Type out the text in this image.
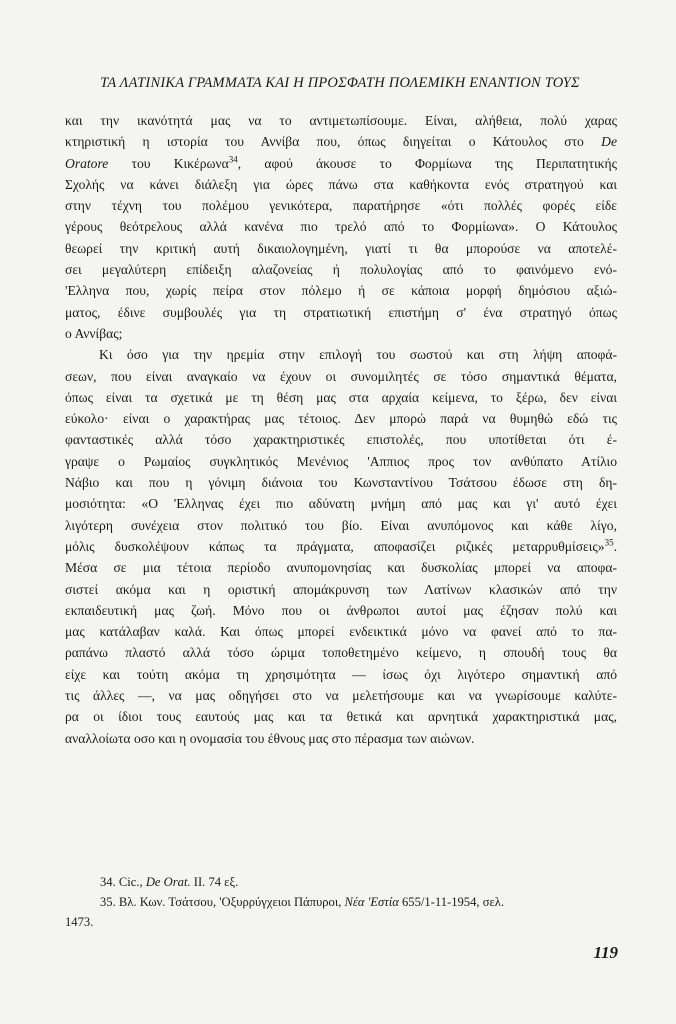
ΤΑ ΛΑΤΙΝΙΚΑ ΓΡΑΜΜΑΤΑ ΚΑΙ Η ΠΡΟΣΦΑΤΗ ΠΟΛΕΜΙΚΗ ΕΝΑΝΤΙΟΝ ΤΟΥΣ
και την ικανότητά μας να το αντιμετωπίσουμε. Είναι, αλήθεια, πολύ χαρας
κτηριστική η ιστορία του Αννίβα που, όπως διηγείται ο Κάτουλος στο De
Oratore του Κικέρωνα$^{34}$, αφού άκουσε το Φορμίωνα της Περιπατητικής
Σχολής να κάνει διάλεξη για ώρες πάνω στα καθήκοντα ενός στρατηγού και
στην τέχνη του πολέμου γενικότερα, παρατήρησε «ότι πολλές φορές είδε
γέρους θεότρελους αλλά κανένα πιο τρελό από το Φορμίωνα». Ο Κάτουλος
θεωρεί την κριτική αυτή δικαιολογημένη, γιατί τι θα μπορούσε να αποτελέ-
σει μεγαλύτερη επίδειξη αλαζονείας ή πολυλογίας από το φαινόμενο ενό-
'Ελληνα που, χωρίς πείρα στον πόλεμο ή σε κάποια μορφή δημόσιου αξιώ-
ματος, έδινε συμβουλές για τη στρατιωτική επιστήμη σ' ένα στρατηγό όπως
ο Αννίβας;
Κι όσο για την ηρεμία στην επιλογή του σωστού και στη λήψη αποφά-
σεων, που είναι αναγκαίο να έχουν οι συνομιλητές σε τόσο σημαντικά θέματα,
όπως είναι τα σχετικά με τη θέση μας στα αρχαία κείμενα, το ξέρω, δεν είναι
εύκολο· είναι ο χαρακτήρας μας τέτοιος. Δεν μπορώ παρά να θυμηθώ εδώ τις
φανταστικές αλλά τόσο χαρακτηριστικές επιστολές, που υποτίθεται ότι έ-
γραψε ο Ρωμαίος συγκλητικός Μενένιος 'Αππιος προς τον ανθύπατο Ατίλιο
Νάβιο και που η γόνιμη διάνοια του Κωνσταντίνου Τσάτσου έδωσε στη δη-
μοσιότητα: «Ο 'Ελληνας έχει πιο αδύνατη μνήμη από μας και γι' αυτό έχει
λιγότερη συνέχεια στον πολιτικό του βίο. Είναι ανυπόμονος και κάθε λίγο,
μόλις δυσκολέψουν κάπως τα πράγματα, αποφασίζει ριζικές μεταρρυθμίσεις»$^{35}$.
Μέσα σε μια τέτοια περίοδο ανυπομονησίας και δυσκολίας μπορεί να αποφα-
σιστεί ακόμα και η οριστική απομάκρυνση των Λατίνων κλασικών από την
εκπαιδευτική μας ζωή. Μόνο που οι άνθρωποι αυτοί μας έζησαν πολύ και
μας κατάλαβαν καλά. Και όπως μπορεί ενδεικτικά μόνο να φανεί από το πα-
ραπάνω πλαστό αλλά τόσο ώριμα τοποθετημένο κείμενο, η σπουδή τους θα
είχε και τούτη ακόμα τη χρησιμότητα — ίσως όχι λιγότερο σημαντική από
τις άλλες —, να μας οδηγήσει στο να μελετήσουμε και να γνωρίσουμε καλύτε-
ρα οι ίδιοι τους εαυτούς μας και τα θετικά και αρνητικά χαρακτηριστικά μας,
αναλλοίωτα οσο και η ονομασία του έθνους μας στο πέρασμα των αιώνων.
34. Cic., De Orat. II. 74 εξ.
35. Βλ. Κων. Τσάτσου, 'Οξυρρύγχειοι Πάπυροι, Νέα 'Εστία 655/1-11-1954, σελ.
1473.
119
